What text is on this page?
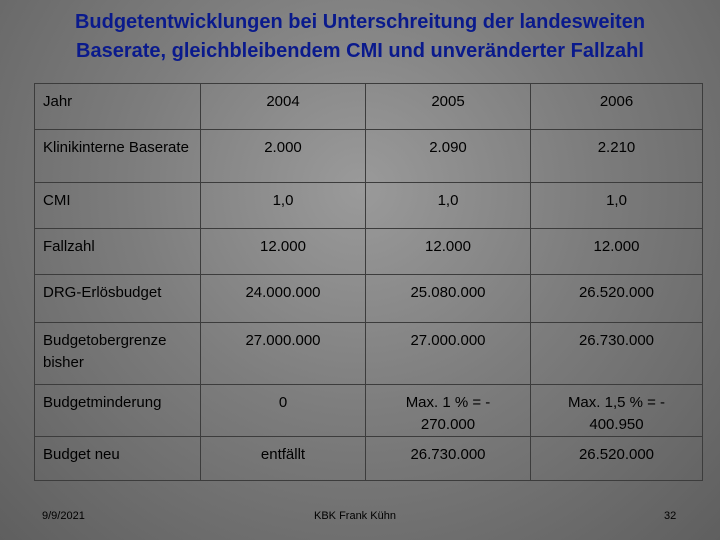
Budgetentwicklungen bei Unterschreitung der landesweiten
Baserate, gleichbleibendem CMI und unveränderter Fallzahl
Jahr	2004	2005	2006
Klinikinterne Baserate	2.000	2.090	2.210
CMI	1,0	1,0	1,0
Fallzahl	12.000	12.000	12.000
DRG-Erlösbudget	24.000.000	25.080.000	26.520.000
Budgetobergrenze bisher	27.000.000	27.000.000	26.730.000
Budgetminderung	0	Max. 1 % = - 270.000	Max. 1,5 % = - 400.950
Budget neu	entfällt	26.730.000	26.520.000
9/9/2021	KBK Frank Kühn	32
